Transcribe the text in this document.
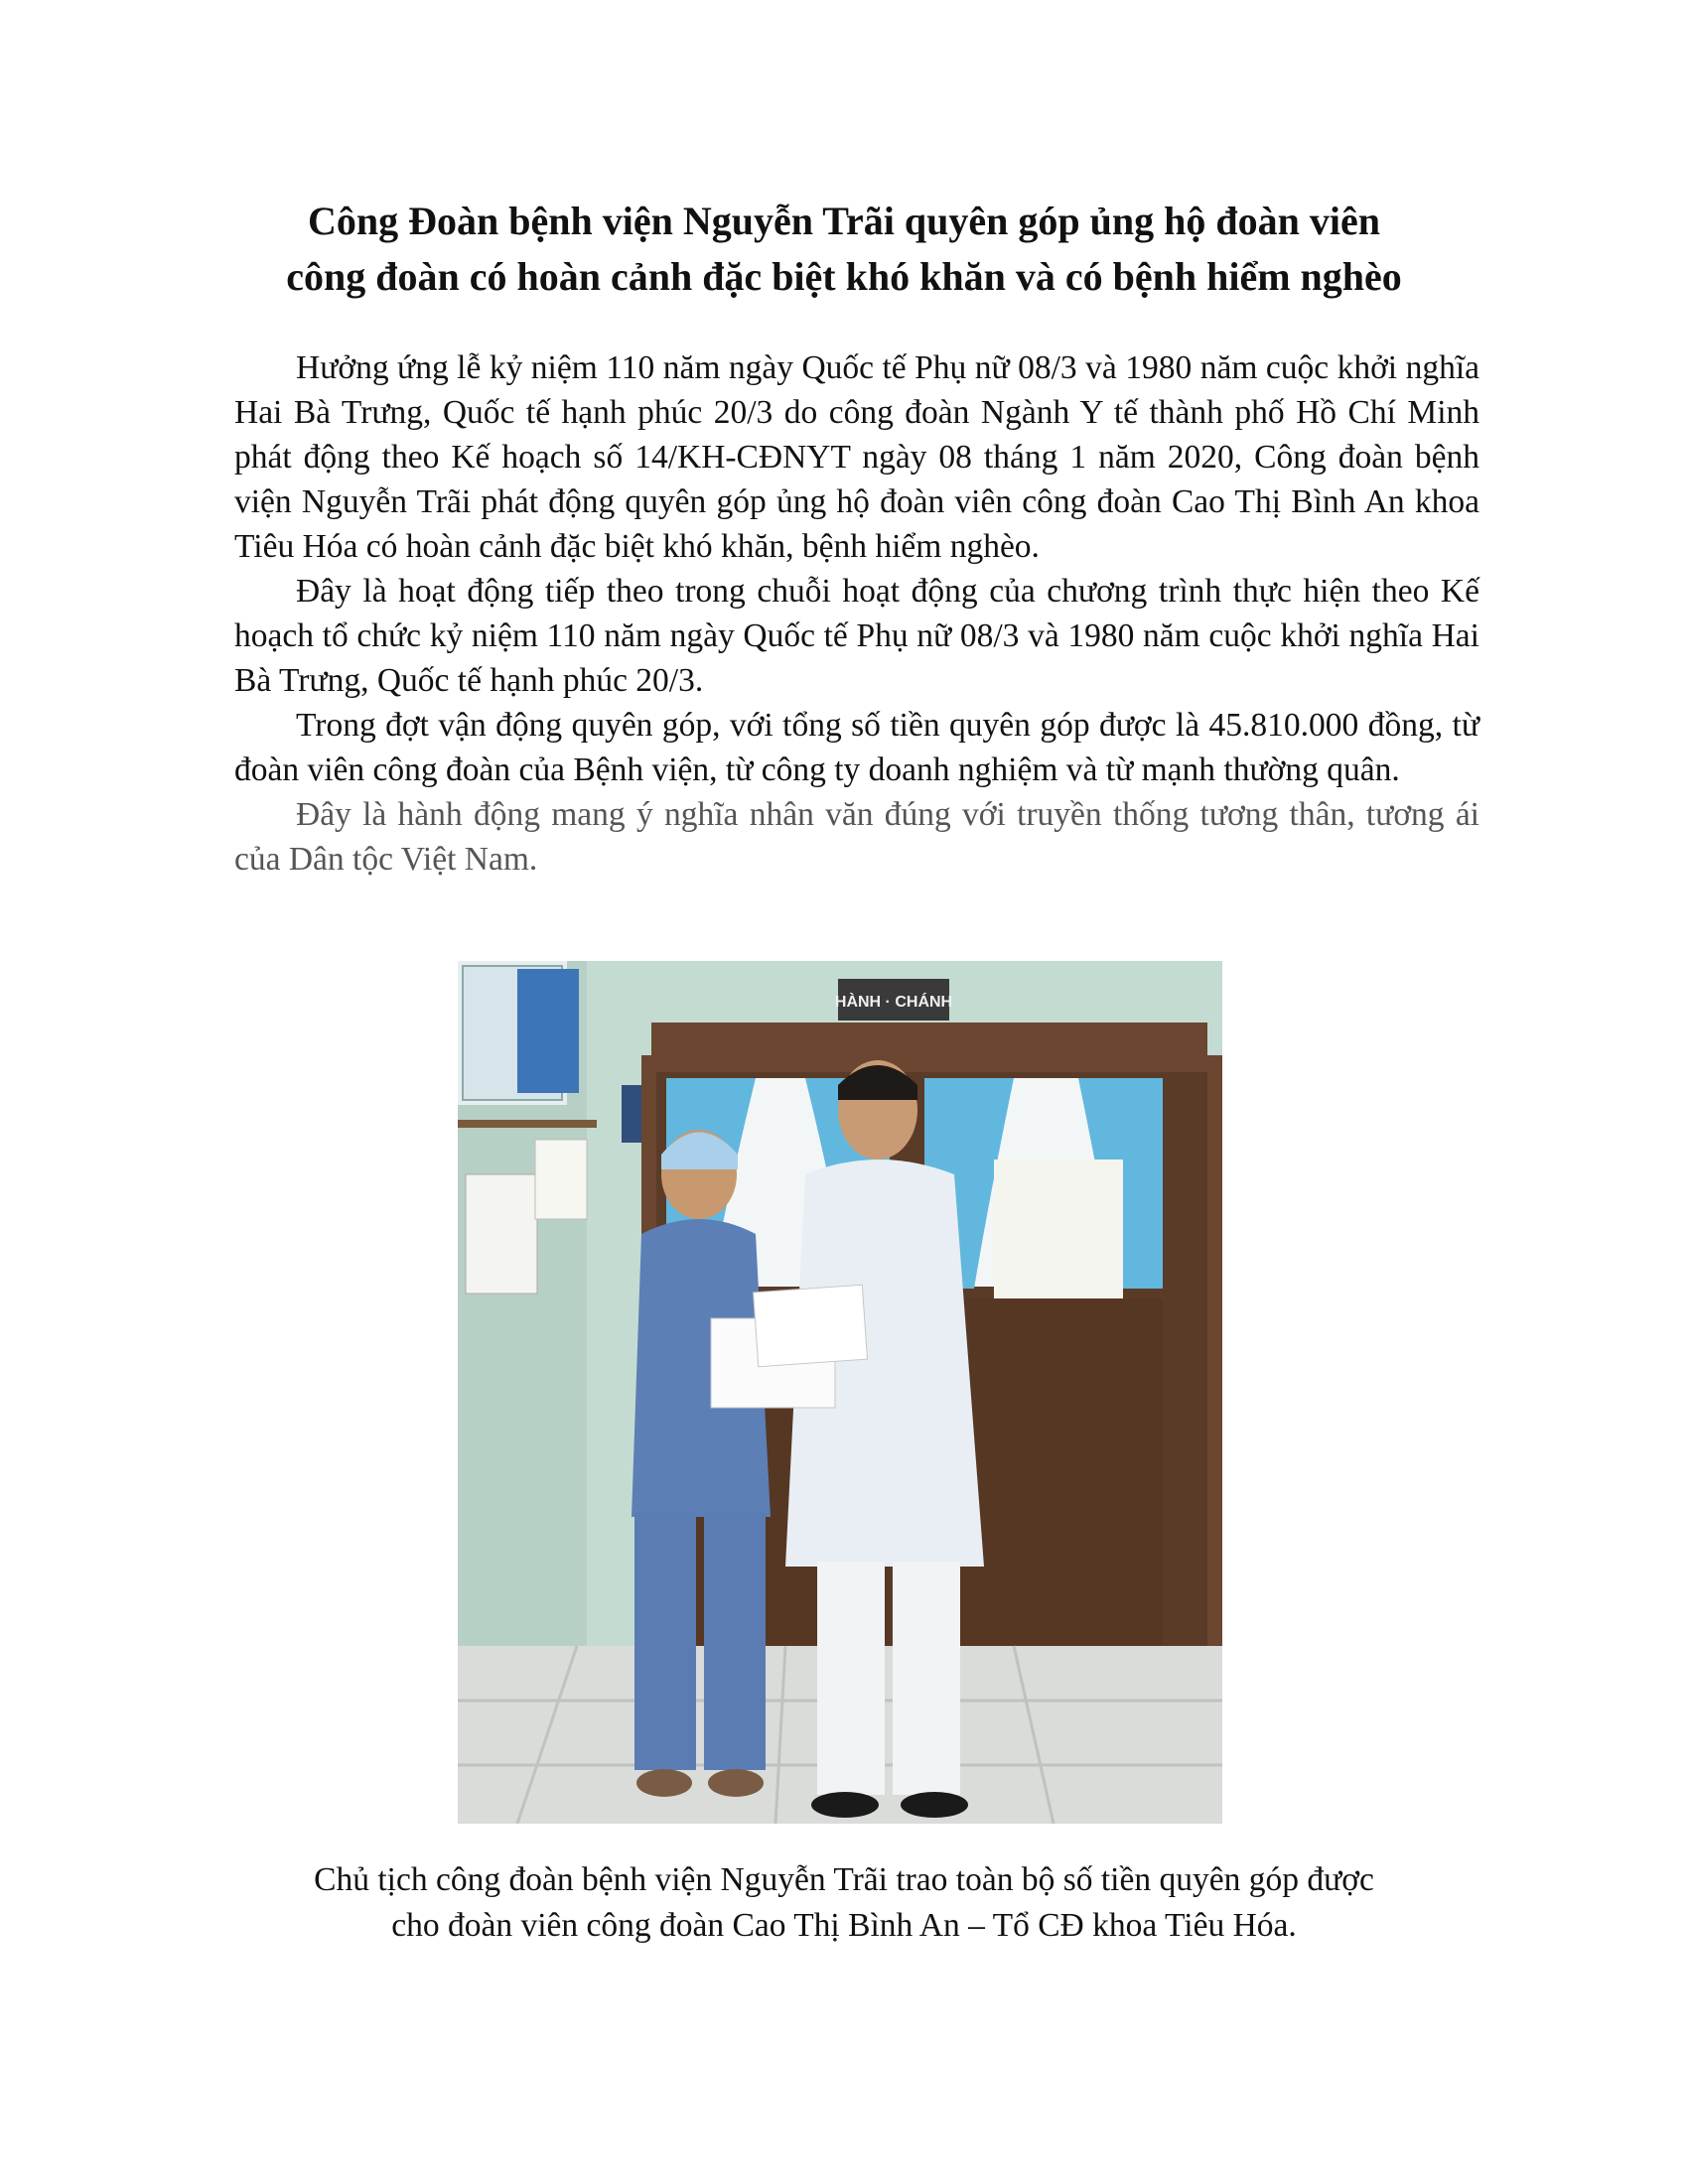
Công Đoàn bệnh viện Nguyễn Trãi quyên góp ủng hộ đoàn viên
công đoàn có hoàn cảnh đặc biệt khó khăn và có bệnh hiểm nghèo

Hưởng ứng lễ kỷ niệm 110 năm ngày Quốc tế Phụ nữ 08/3 và 1980 năm cuộc khởi nghĩa Hai Bà Trưng, Quốc tế hạnh phúc 20/3 do công đoàn Ngành Y tế thành phố Hồ Chí Minh phát động theo Kế hoạch số 14/KH-CĐNYT ngày 08 tháng 1 năm 2020, Công đoàn bệnh viện Nguyễn Trãi phát động quyên góp ủng hộ đoàn viên công đoàn Cao Thị Bình An khoa Tiêu Hóa có hoàn cảnh đặc biệt khó khăn, bệnh hiểm nghèo.

Đây là hoạt động tiếp theo trong chuỗi hoạt động của chương trình thực hiện theo Kế hoạch tổ chức kỷ niệm 110 năm ngày Quốc tế Phụ nữ 08/3 và 1980 năm cuộc khởi nghĩa Hai Bà Trưng, Quốc tế hạnh phúc 20/3.

Trong đợt vận động quyên góp, với tổng số tiền quyên góp được là 45.810.000 đồng, từ đoàn viên công đoàn của Bệnh viện, từ công ty doanh nghiệm và từ mạnh thường quân.

Đây là hành động mang ý nghĩa nhân văn đúng với truyền thống tương thân, tương ái của Dân tộc Việt Nam.

HÀNH · CHÁNH

Chủ tịch công đoàn bệnh viện Nguyễn Trãi trao toàn bộ số tiền quyên góp được
cho đoàn viên công đoàn Cao Thị Bình An – Tổ CĐ khoa Tiêu Hóa.
